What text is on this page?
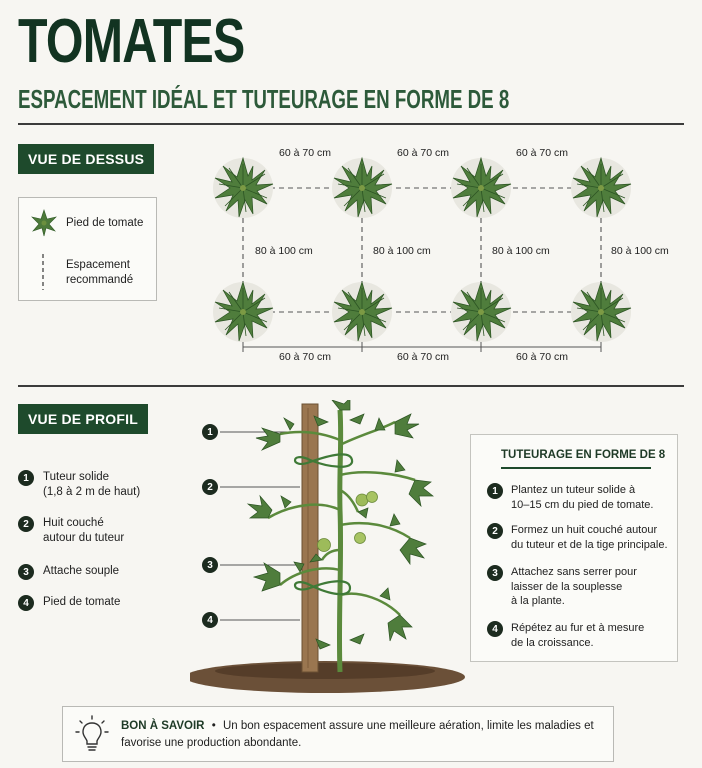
TOMATES
ESPACEMENT IDÉAL ET TUTEURAGE EN FORME DE 8
VUE DE DESSUS
Pied de tomate
Espacement
recommandé
60 à 70 cm	60 à 70 cm	60 à 70 cm
80 à 100 cm	80 à 100 cm	80 à 100 cm	80 à 100 cm
60 à 70 cm	60 à 70 cm	60 à 70 cm
VUE DE PROFIL
1	Tuteur solide
(1,8 à 2 m de haut)
2	Huit couché
autour du tuteur
3	Attache souple
4	Pied de tomate
1
2
3
4
TUTEURAGE EN FORME DE 8
1	Plantez un tuteur solide à
10–15 cm du pied de tomate.
2	Formez un huit couché autour
du tuteur et de la tige principale.
3	Attachez sans serrer pour
laisser de la souplesse
à la plante.
4	Répétez au fur et à mesure
de la croissance.
BON À SAVOIR • Un bon espacement assure une meilleure aération, limite les maladies et favorise une production abondante.
